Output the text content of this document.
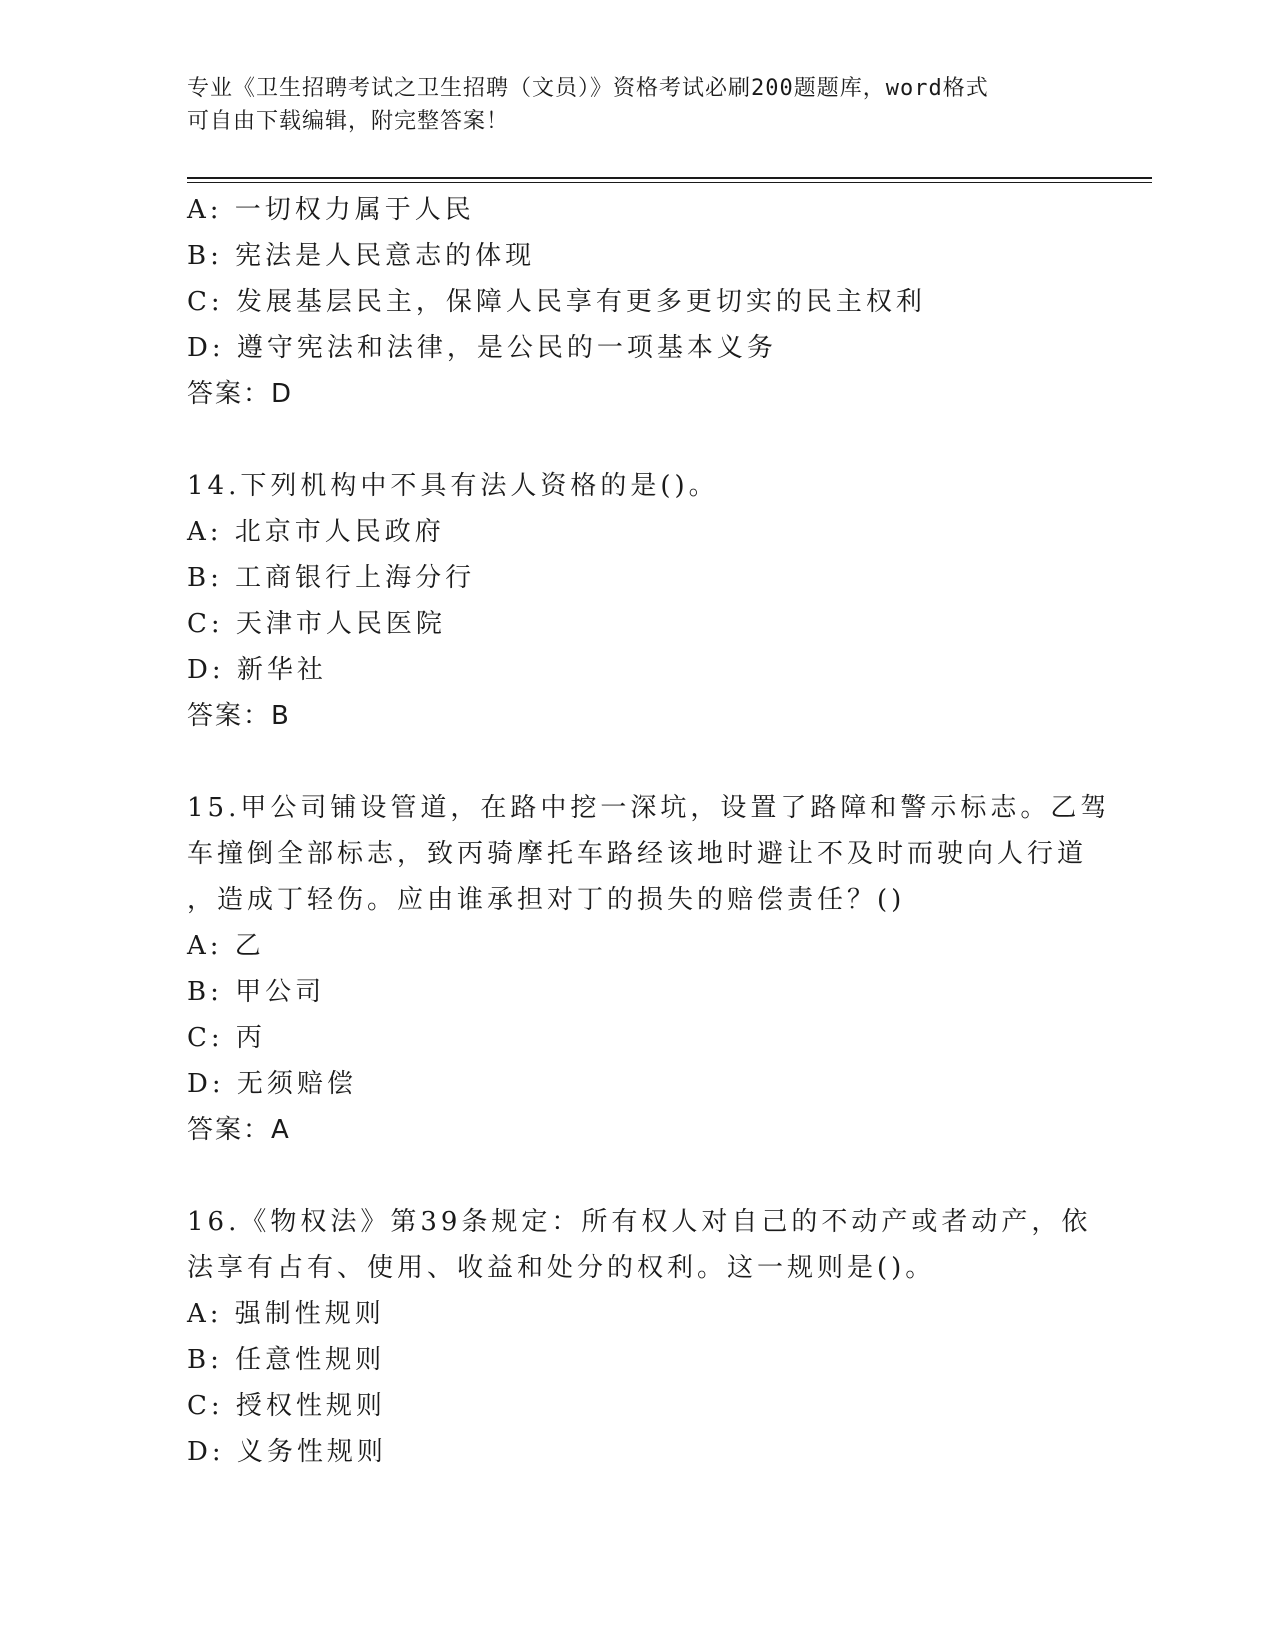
专业《卫生招聘考试之卫生招聘（文员）》资格考试必刷200题题库，word格式
可自由下载编辑，附完整答案！
A: 一切权力属于人民
B: 宪法是人民意志的体现
C: 发展基层民主，保障人民享有更多更切实的民主权利
D: 遵守宪法和法律，是公民的一项基本义务
答案：D
14.下列机构中不具有法人资格的是()。
A: 北京市人民政府
B: 工商银行上海分行
C: 天津市人民医院
D: 新华社
答案：B
15.甲公司铺设管道，在路中挖一深坑，设置了路障和警示标志。乙驾
车撞倒全部标志，致丙骑摩托车路经该地时避让不及时而驶向人行道
，造成丁轻伤。应由谁承担对丁的损失的赔偿责任？()
A: 乙
B: 甲公司
C: 丙
D: 无须赔偿
答案：A
16.《物权法》第39条规定：所有权人对自己的不动产或者动产，依
法享有占有、使用、收益和处分的权利。这一规则是()。
A: 强制性规则
B: 任意性规则
C: 授权性规则
D: 义务性规则
